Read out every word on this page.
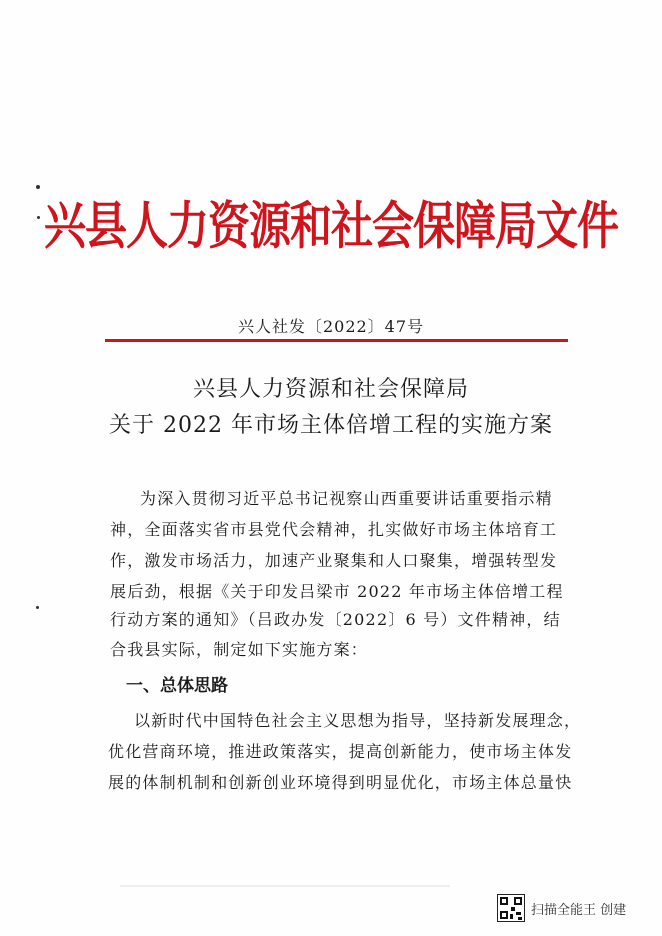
兴县人力资源和社会保障局文件
兴人社发〔2022〕47号
兴县人力资源和社会保障局
关于 2022 年市场主体倍增工程的实施方案
为深入贯彻习近平总书记视察山西重要讲话重要指示精
神，全面落实省市县党代会精神，扎实做好市场主体培育工
作，激发市场活力，加速产业聚集和人口聚集，增强转型发
展后劲，根据《关于印发吕梁市 2022 年市场主体倍增工程
行动方案的通知》（吕政办发〔2022〕6 号）文件精神，结
合我县实际，制定如下实施方案：
一、总体思路
以新时代中国特色社会主义思想为指导，坚持新发展理念，
优化营商环境，推进政策落实，提高创新能力，使市场主体发
展的体制机制和创新创业环境得到明显优化，市场主体总量快
扫描全能王 创建
